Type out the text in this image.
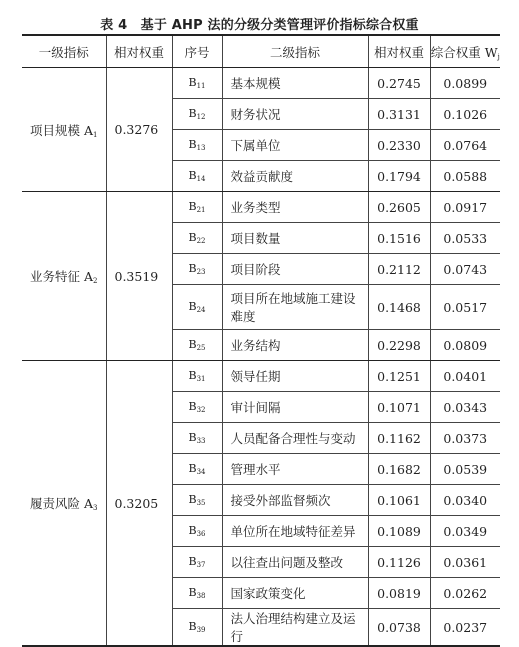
表 4　基于 AHP 法的分级分类管理评价指标综合权重
一级指标	相对权重	序号	二级指标	相对权重	综合权重 $W_j$
项目规模 $A_1$	0.3276	$B_{11}$	基本规模	0.2745	0.0899
		$B_{12}$	财务状况	0.3131	0.1026
		$B_{13}$	下属单位	0.2330	0.0764
		$B_{14}$	效益贡献度	0.1794	0.0588
业务特征 $A_2$	0.3519	$B_{21}$	业务类型	0.2605	0.0917
		$B_{22}$	项目数量	0.1516	0.0533
		$B_{23}$	项目阶段	0.2112	0.0743
		$B_{24}$	项目所在地域施工建设难度	0.1468	0.0517
		$B_{25}$	业务结构	0.2298	0.0809
履责风险 $A_3$	0.3205	$B_{31}$	领导任期	0.1251	0.0401
		$B_{32}$	审计间隔	0.1071	0.0343
		$B_{33}$	人员配备合理性与变动	0.1162	0.0373
		$B_{34}$	管理水平	0.1682	0.0539
		$B_{35}$	接受外部监督频次	0.1061	0.0340
		$B_{36}$	单位所在地域特征差异	0.1089	0.0349
		$B_{37}$	以往查出问题及整改	0.1126	0.0361
		$B_{38}$	国家政策变化	0.0819	0.0262
		$B_{39}$	法人治理结构建立及运行	0.0738	0.0237
